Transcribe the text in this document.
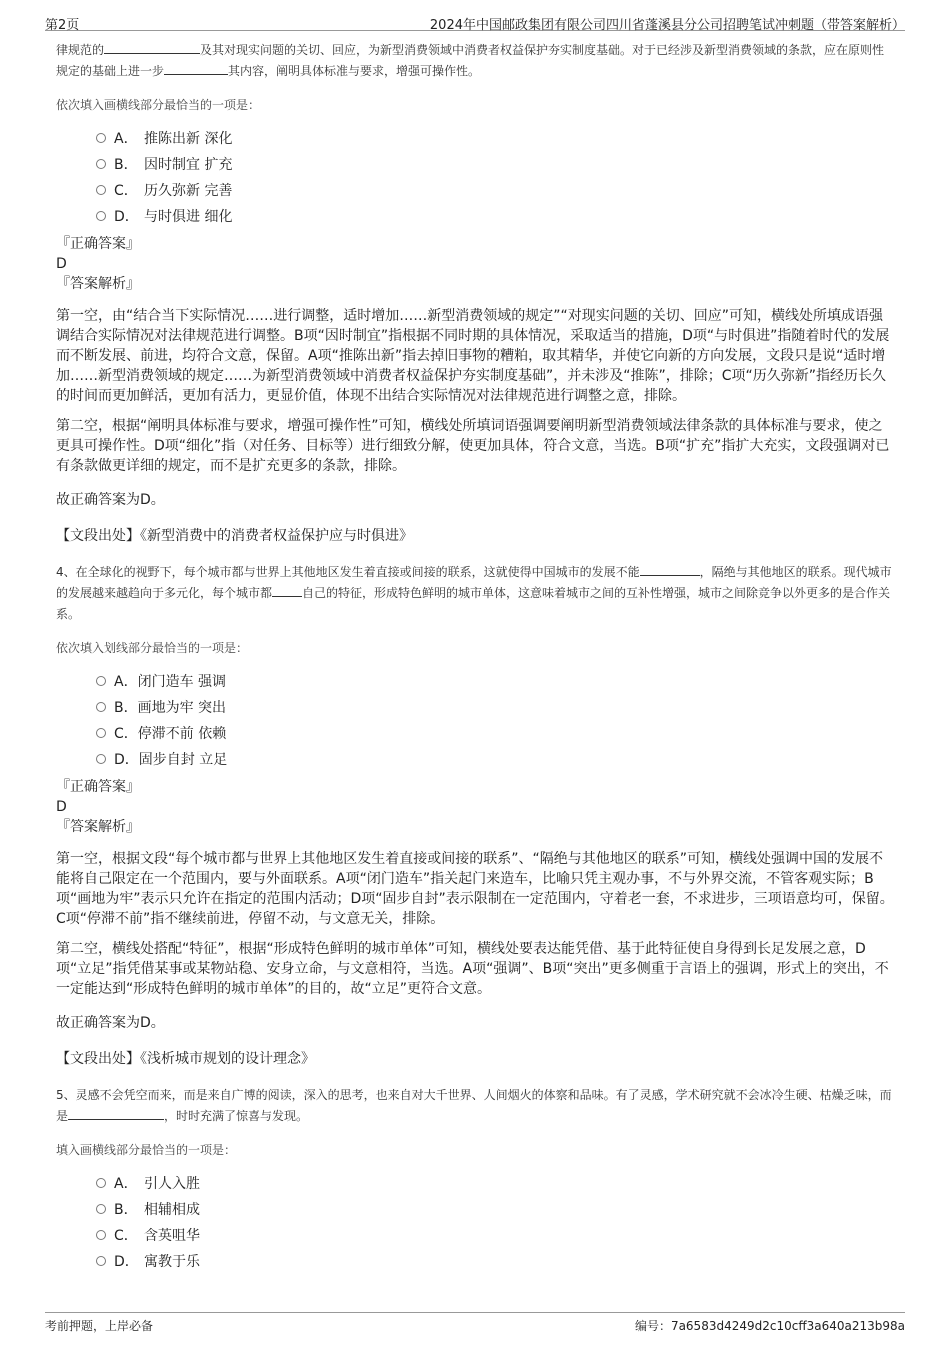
第2页	2024年中国邮政集团有限公司四川省蓬溪县分公司招聘笔试冲刺题（带答案解析）

律规范的	及其对现实问题的关切、回应，为新型消费领域中消费者权益保护夯实制度基础。对于已经涉及新型消费领域的条款，应在原则性规定的基础上进一步	其内容，阐明具体标准与要求，增强可操作性。

依次填入画横线部分最恰当的一项是：

A． 推陈出新 深化
B． 因时制宜 扩充
C． 历久弥新 完善
D． 与时俱进 细化

『正确答案』

D

『答案解析』

第一空，由“结合当下实际情况……进行调整，适时增加……新型消费领域的规定”“对现实问题的关切、回应”可知，横线处所填成语强调结合实际情况对法律规范进行调整。B项“因时制宜”指根据不同时期的具体情况，采取适当的措施，D项“与时俱进”指随着时代的发展而不断发展、前进，均符合文意，保留。A项“推陈出新”指去掉旧事物的糟粕，取其精华，并使它向新的方向发展，文段只是说“适时增加……新型消费领域的规定……为新型消费领域中消费者权益保护夯实制度基础”，并未涉及“推陈”，排除；C项“历久弥新”指经历长久的时间而更加鲜活，更加有活力，更显价值，体现不出结合实际情况对法律规范进行调整之意，排除。

第二空，根据“阐明具体标准与要求，增强可操作性”可知，横线处所填词语强调要阐明新型消费领域法律条款的具体标准与要求，使之更具可操作性。D项“细化”指（对任务、目标等）进行细致分解，使更加具体，符合文意，当选。B项“扩充”指扩大充实，文段强调对已有条款做更详细的规定，而不是扩充更多的条款，排除。

故正确答案为D。

【文段出处】《新型消费中的消费者权益保护应与时俱进》

4、在全球化的视野下，每个城市都与世界上其他地区发生着直接或间接的联系，这就使得中国城市的发展不能	，隔绝与其他地区的联系。现代城市的发展越来越趋向于多元化，每个城市都	自己的特征，形成特色鲜明的城市单体，这意味着城市之间的互补性增强，城市之间除竞争以外更多的是合作关系。

依次填入划线部分最恰当的一项是：

A．闭门造车 强调
B．画地为牢 突出
C．停滞不前 依赖
D．固步自封 立足

『正确答案』

D

『答案解析』

第一空，根据文段“每个城市都与世界上其他地区发生着直接或间接的联系”、“隔绝与其他地区的联系”可知，横线处强调中国的发展不能将自己限定在一个范围内，要与外面联系。A项“闭门造车”指关起门来造车，比喻只凭主观办事，不与外界交流，不管客观实际；B项“画地为牢”表示只允许在指定的范围内活动；D项“固步自封”表示限制在一定范围内，守着老一套，不求进步，三项语意均可，保留。C项“停滞不前”指不继续前进，停留不动，与文意无关，排除。

第二空，横线处搭配“特征”，根据“形成特色鲜明的城市单体”可知，横线处要表达能凭借、基于此特征使自身得到长足发展之意，D项“立足”指凭借某事或某物站稳、安身立命，与文意相符，当选。A项“强调”、B项“突出”更多侧重于言语上的强调，形式上的突出，不一定能达到“形成特色鲜明的城市单体”的目的，故“立足”更符合文意。

故正确答案为D。

【文段出处】《浅析城市规划的设计理念》

5、灵感不会凭空而来，而是来自广博的阅读，深入的思考，也来自对大千世界、人间烟火的体察和品味。有了灵感，学术研究就不会冰冷生硬、枯燥乏味，而是	，时时充满了惊喜与发现。

填入画横线部分最恰当的一项是：

A． 引人入胜
B． 相辅相成
C． 含英咀华
D． 寓教于乐
考前押题，上岸必备	编号：7a6583d4249d2c10cff3a640a213b98a
